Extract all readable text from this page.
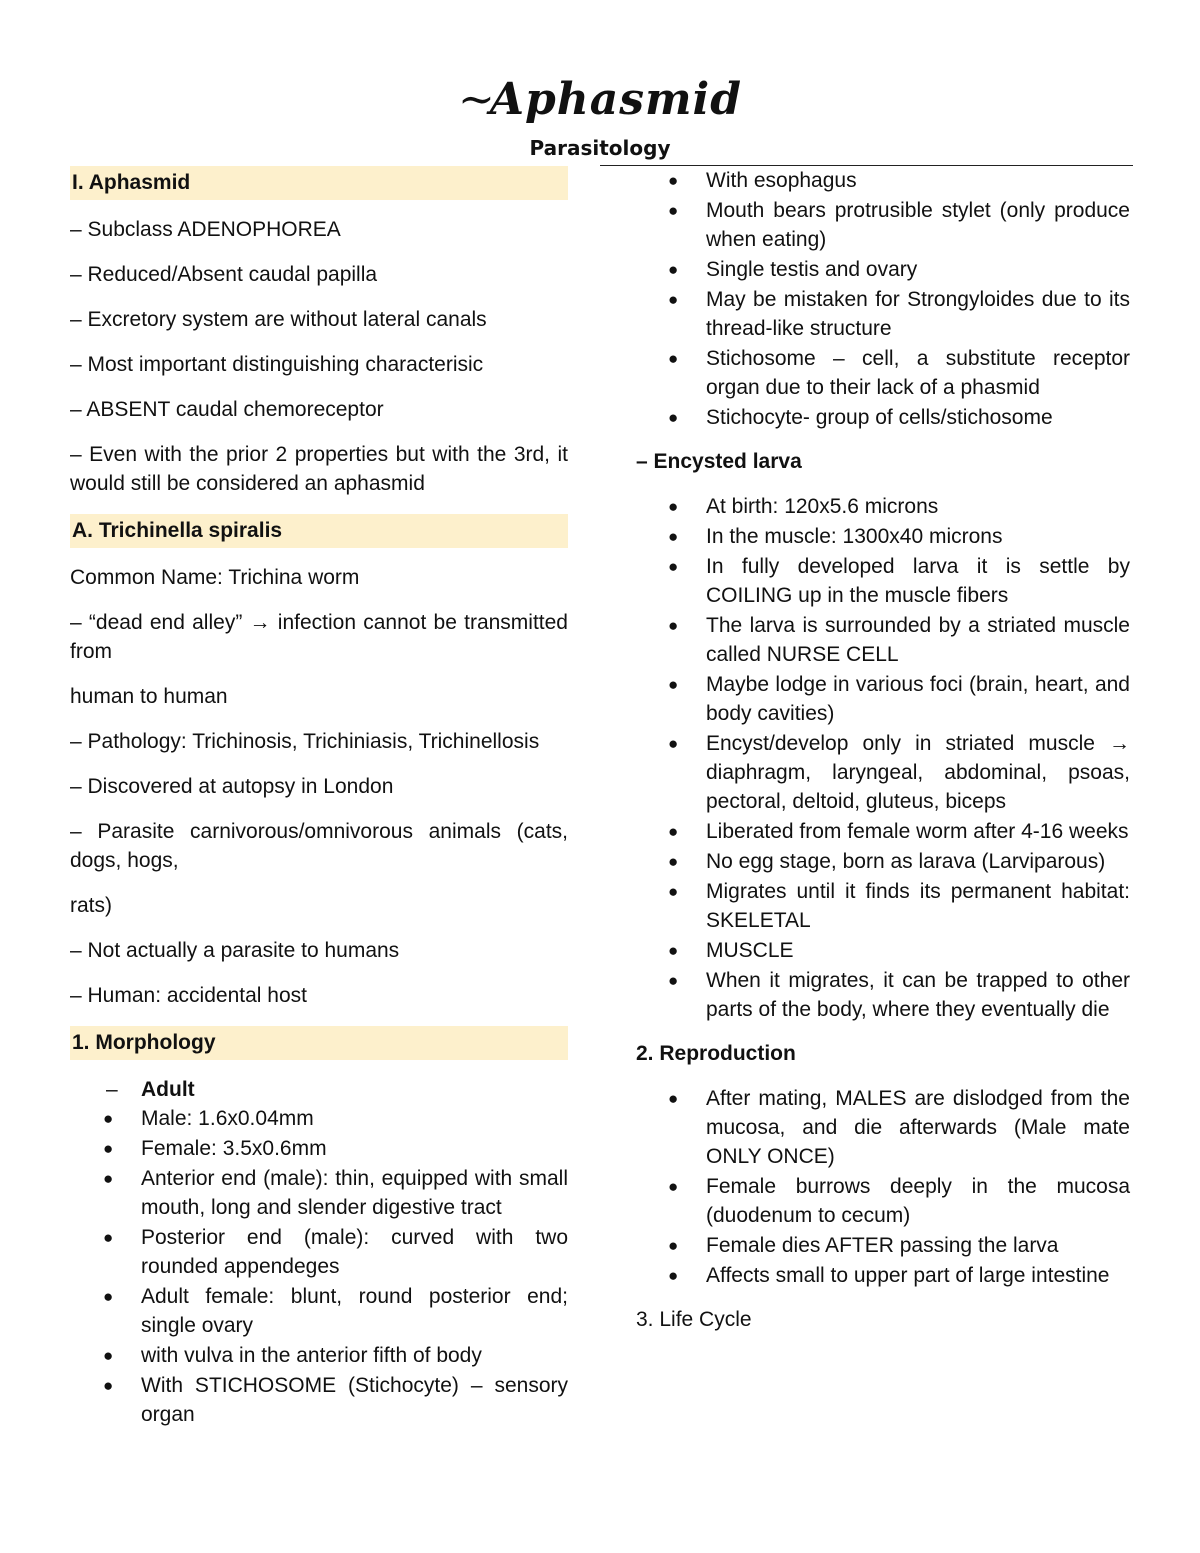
~Aphasmid
Parasitology
I. Aphasmid
– Subclass ADENOPHOREA
– Reduced/Absent caudal papilla
– Excretory system are without lateral canals
– Most important distinguishing characterisic
– ABSENT caudal chemoreceptor
– Even with the prior 2 properties but with the 3rd, it would still be considered an aphasmid
A. Trichinella spiralis
Common Name: Trichina worm
– “dead end alley” → infection cannot be transmitted from
human to human
– Pathology: Trichinosis, Trichiniasis, Trichinellosis
– Discovered at autopsy in London
– Parasite carnivorous/omnivorous animals (cats, dogs, hogs,
rats)
– Not actually a parasite to humans
– Human: accidental host
1. Morphology
– Adult
● Male: 1.6x0.04mm
● Female: 3.5x0.6mm
● Anterior end (male): thin, equipped with small mouth, long and slender digestive tract
● Posterior end (male): curved with two rounded appendeges
● Adult female: blunt, round posterior end; single ovary
● with vulva in the anterior fifth of body
● With STICHOSOME (Stichocyte) – sensory organ
● With esophagus
● Mouth bears protrusible stylet (only produce when eating)
● Single testis and ovary
● May be mistaken for Strongyloides due to its thread-like structure
● Stichosome – cell, a substitute receptor organ due to their lack of a phasmid
● Stichocyte- group of cells/stichosome
– Encysted larva
● At birth: 120x5.6 microns
● In the muscle: 1300x40 microns
● In fully developed larva it is settle by COILING up in the muscle fibers
● The larva is surrounded by a striated muscle called NURSE CELL
● Maybe lodge in various foci (brain, heart, and body cavities)
● Encyst/develop only in striated muscle → diaphragm, laryngeal, abdominal, psoas, pectoral, deltoid, gluteus, biceps
● Liberated from female worm after 4-16 weeks
● No egg stage, born as larava (Larviparous)
● Migrates until it finds its permanent habitat: SKELETAL
● MUSCLE
● When it migrates, it can be trapped to other parts of the body, where they eventually die
2. Reproduction
● After mating, MALES are dislodged from the mucosa, and die afterwards (Male mate ONLY ONCE)
● Female burrows deeply in the mucosa (duodenum to cecum)
● Female dies AFTER passing the larva
● Affects small to upper part of large intestine
3. Life Cycle
